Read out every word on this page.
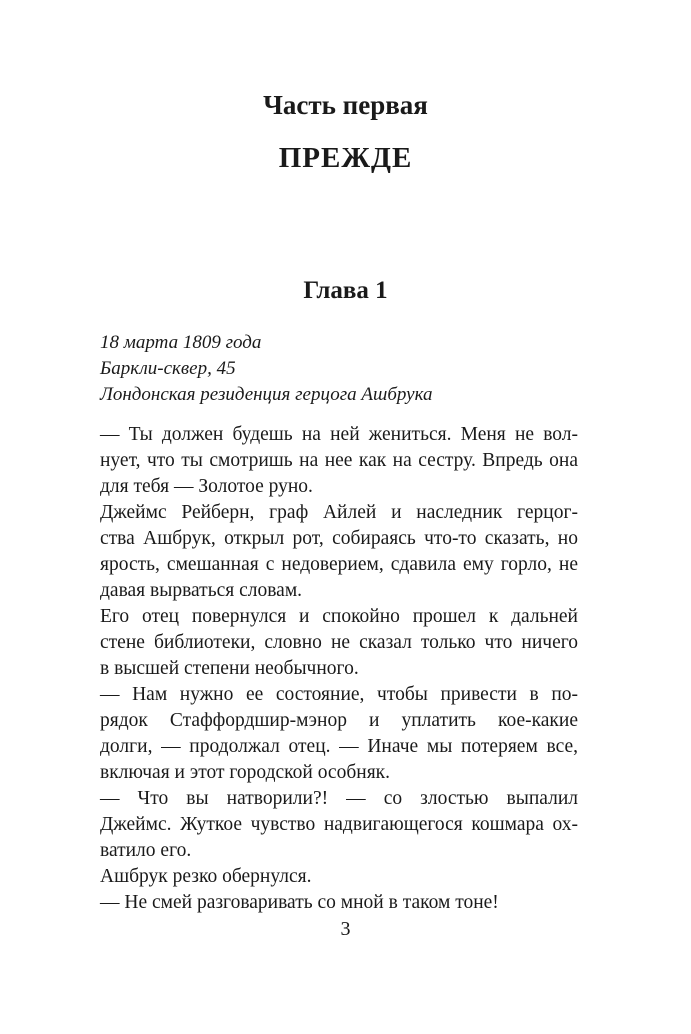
Часть первая
ПРЕЖДЕ
Глава 1
18 марта 1809 года
Баркли-сквер, 45
Лондонская резиденция герцога Ашбрука
— Ты должен будешь на ней жениться. Меня не вол-
нует, что ты смотришь на нее как на сестру. Впредь она
для тебя — Золотое руно.
Джеймс Рейберн, граф Айлей и наследник герцог-
ства Ашбрук, открыл рот, собираясь что-то сказать, но
ярость, смешанная с недоверием, сдавила ему горло, не
давая вырваться словам.
Его отец повернулся и спокойно прошел к дальней
стене библиотеки, словно не сказал только что ничего
в высшей степени необычного.
— Нам нужно ее состояние, чтобы привести в по-
рядок Стаффордшир-мэнор и уплатить кое-какие
долги, — продолжал отец. — Иначе мы потеряем все,
включая и этот городской особняк.
— Что вы натворили?! — со злостью выпалил
Джеймс. Жуткое чувство надвигающегося кошмара ох-
ватило его.
Ашбрук резко обернулся.
— Не смей разговаривать со мной в таком тоне!
3
